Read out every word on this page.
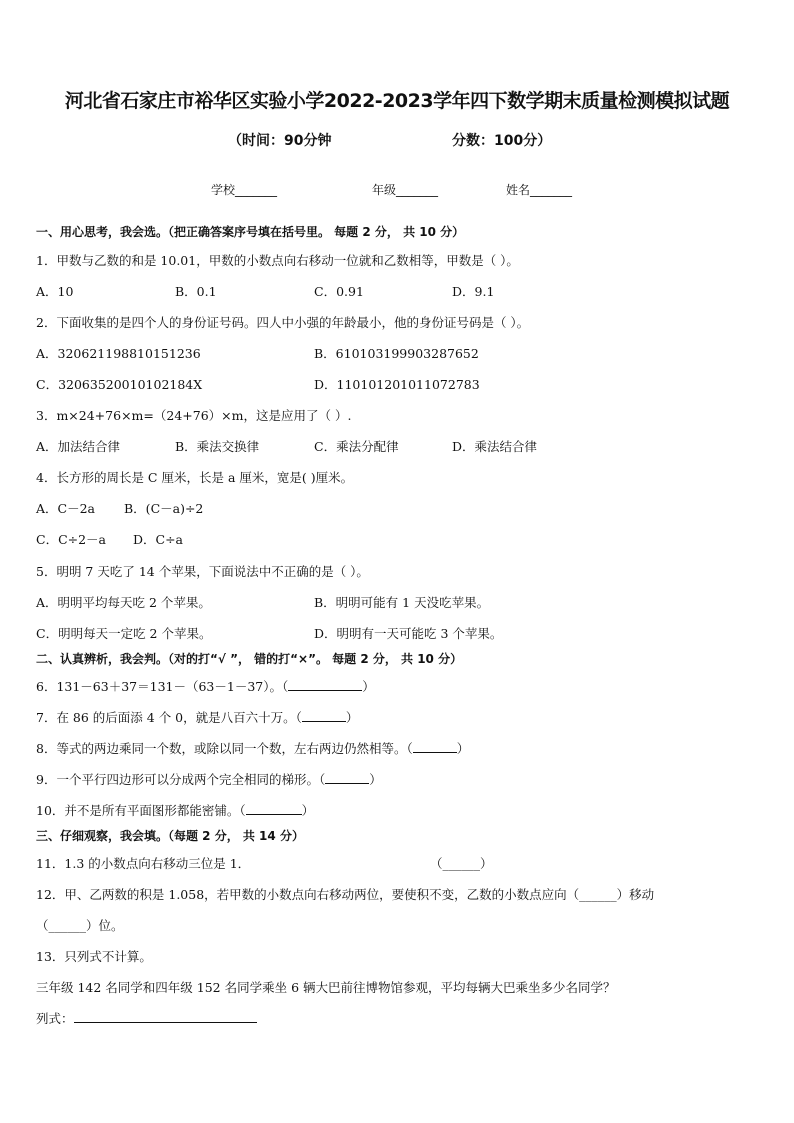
河北省石家庄市裕华区实验小学2022-2023学年四下数学期末质量检测模拟试题
（时间：90分钟	分数：100分）
学校_______	年级_______	姓名_______
一、用心思考，我会选。（把正确答案序号填在括号里。 每题 2 分， 共 10 分）
1．甲数与乙数的和是 10.01，甲数的小数点向右移动一位就和乙数相等，甲数是（ ）。
A．10	B．0.1	C．0.91	D．9.1
2．下面收集的是四个人的身份证号码。四人中小强的年龄最小，他的身份证号码是（ ）。
A．320621198810151236	B．610103199903287652
C．32063520010102184X	D．110101201011072783
3．m×24+76×m=（24+76）×m，这是应用了（ ）.
A．加法结合律	B．乘法交换律	C．乘法分配律	D．乘法结合律
4．长方形的周长是 C 厘米，长是 a 厘米，宽是( )厘米。
A．C－2a B．(C－a)÷2
C．C÷2－a D．C÷a
5．明明 7 天吃了 14 个苹果，下面说法中不正确的是（ ）。
A．明明平均每天吃 2 个苹果。	B．明明可能有 1 天没吃苹果。
C．明明每天一定吃 2 个苹果。	D．明明有一天可能吃 3 个苹果。
二、认真辨析，我会判。（对的打“√ ”， 错的打“×”。 每题 2 分， 共 10 分）
6．131－63＋37＝131－（63－1－37）。（	）
7．在 86 的后面添 4 个 0，就是八百六十万。（	）
8．等式的两边乘同一个数，或除以同一个数，左右两边仍然相等。（	）
9．一个平行四边形可以分成两个完全相同的梯形。（	）
10．并不是所有平面图形都能密铺。（	）
三、仔细观察，我会填。（每题 2 分， 共 14 分）
11．1.3 的小数点向右移动三位是 1．	（______）
12．甲、乙两数的积是 1.058，若甲数的小数点向右移动两位，要使积不变，乙数的小数点应向（______）移动
（______）位。
13．只列式不计算。
三年级 142 名同学和四年级 152 名同学乘坐 6 辆大巴前往博物馆参观，平均每辆大巴乘坐多少名同学？
列式：
